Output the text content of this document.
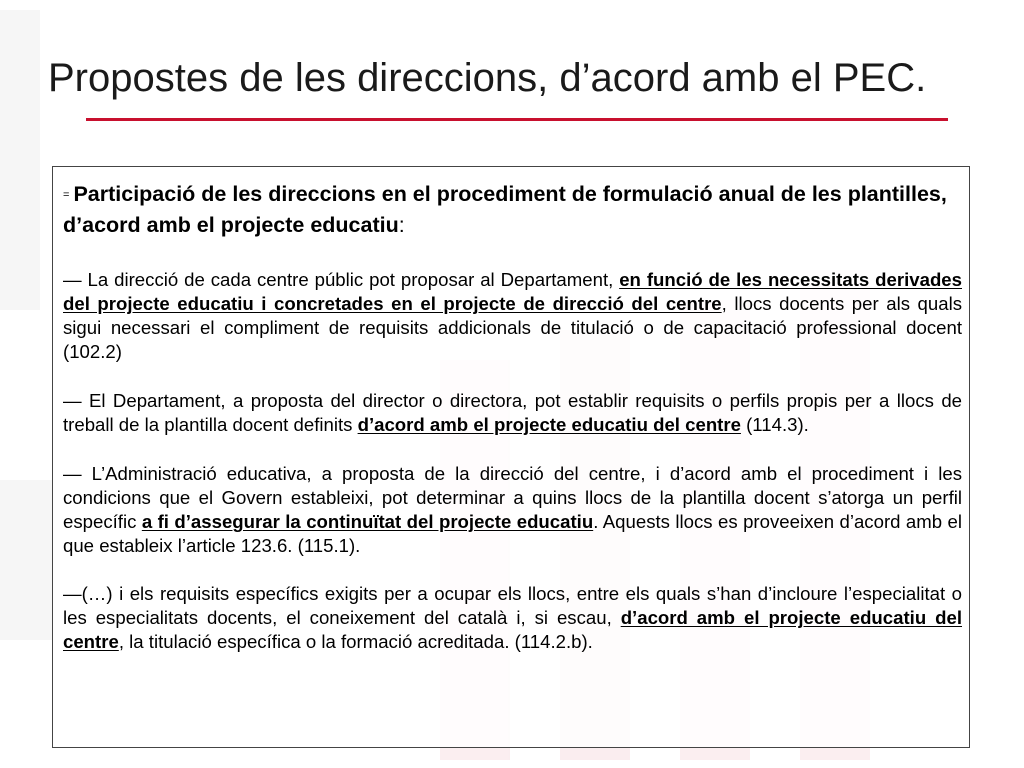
Propostes de les direccions, d’acord amb el PEC.

= Participació de les direccions en el procediment de formulació anual de les plantilles, d’acord amb el projecte educatiu:

— La direcció de cada centre públic pot proposar al Departament, en funció de les necessitats derivades del projecte educatiu i concretades en el projecte de direcció del centre, llocs docents per als quals sigui necessari el compliment de requisits addicionals de titulació o de capacitació professional docent (102.2)

— El Departament, a proposta del director o directora, pot establir requisits o perfils propis per a llocs de treball de la plantilla docent definits d’acord amb el projecte educatiu del centre (114.3).

— L’Administració educativa, a proposta de la direcció del centre, i d’acord amb el procediment i les condicions que el Govern estableixi, pot determinar a quins llocs de la plantilla docent s’atorga un perfil específic a fi d’assegurar la continuïtat del projecte educatiu. Aquests llocs es proveeixen d’acord amb el que estableix l’article 123.6. (115.1).

—(…) i els requisits específics exigits per a ocupar els llocs, entre els quals s’han d’incloure l’especialitat o les especialitats docents, el coneixement del català i, si escau, d’acord amb el projecte educatiu del centre, la titulació específica o la formació acreditada. (114.2.b).
